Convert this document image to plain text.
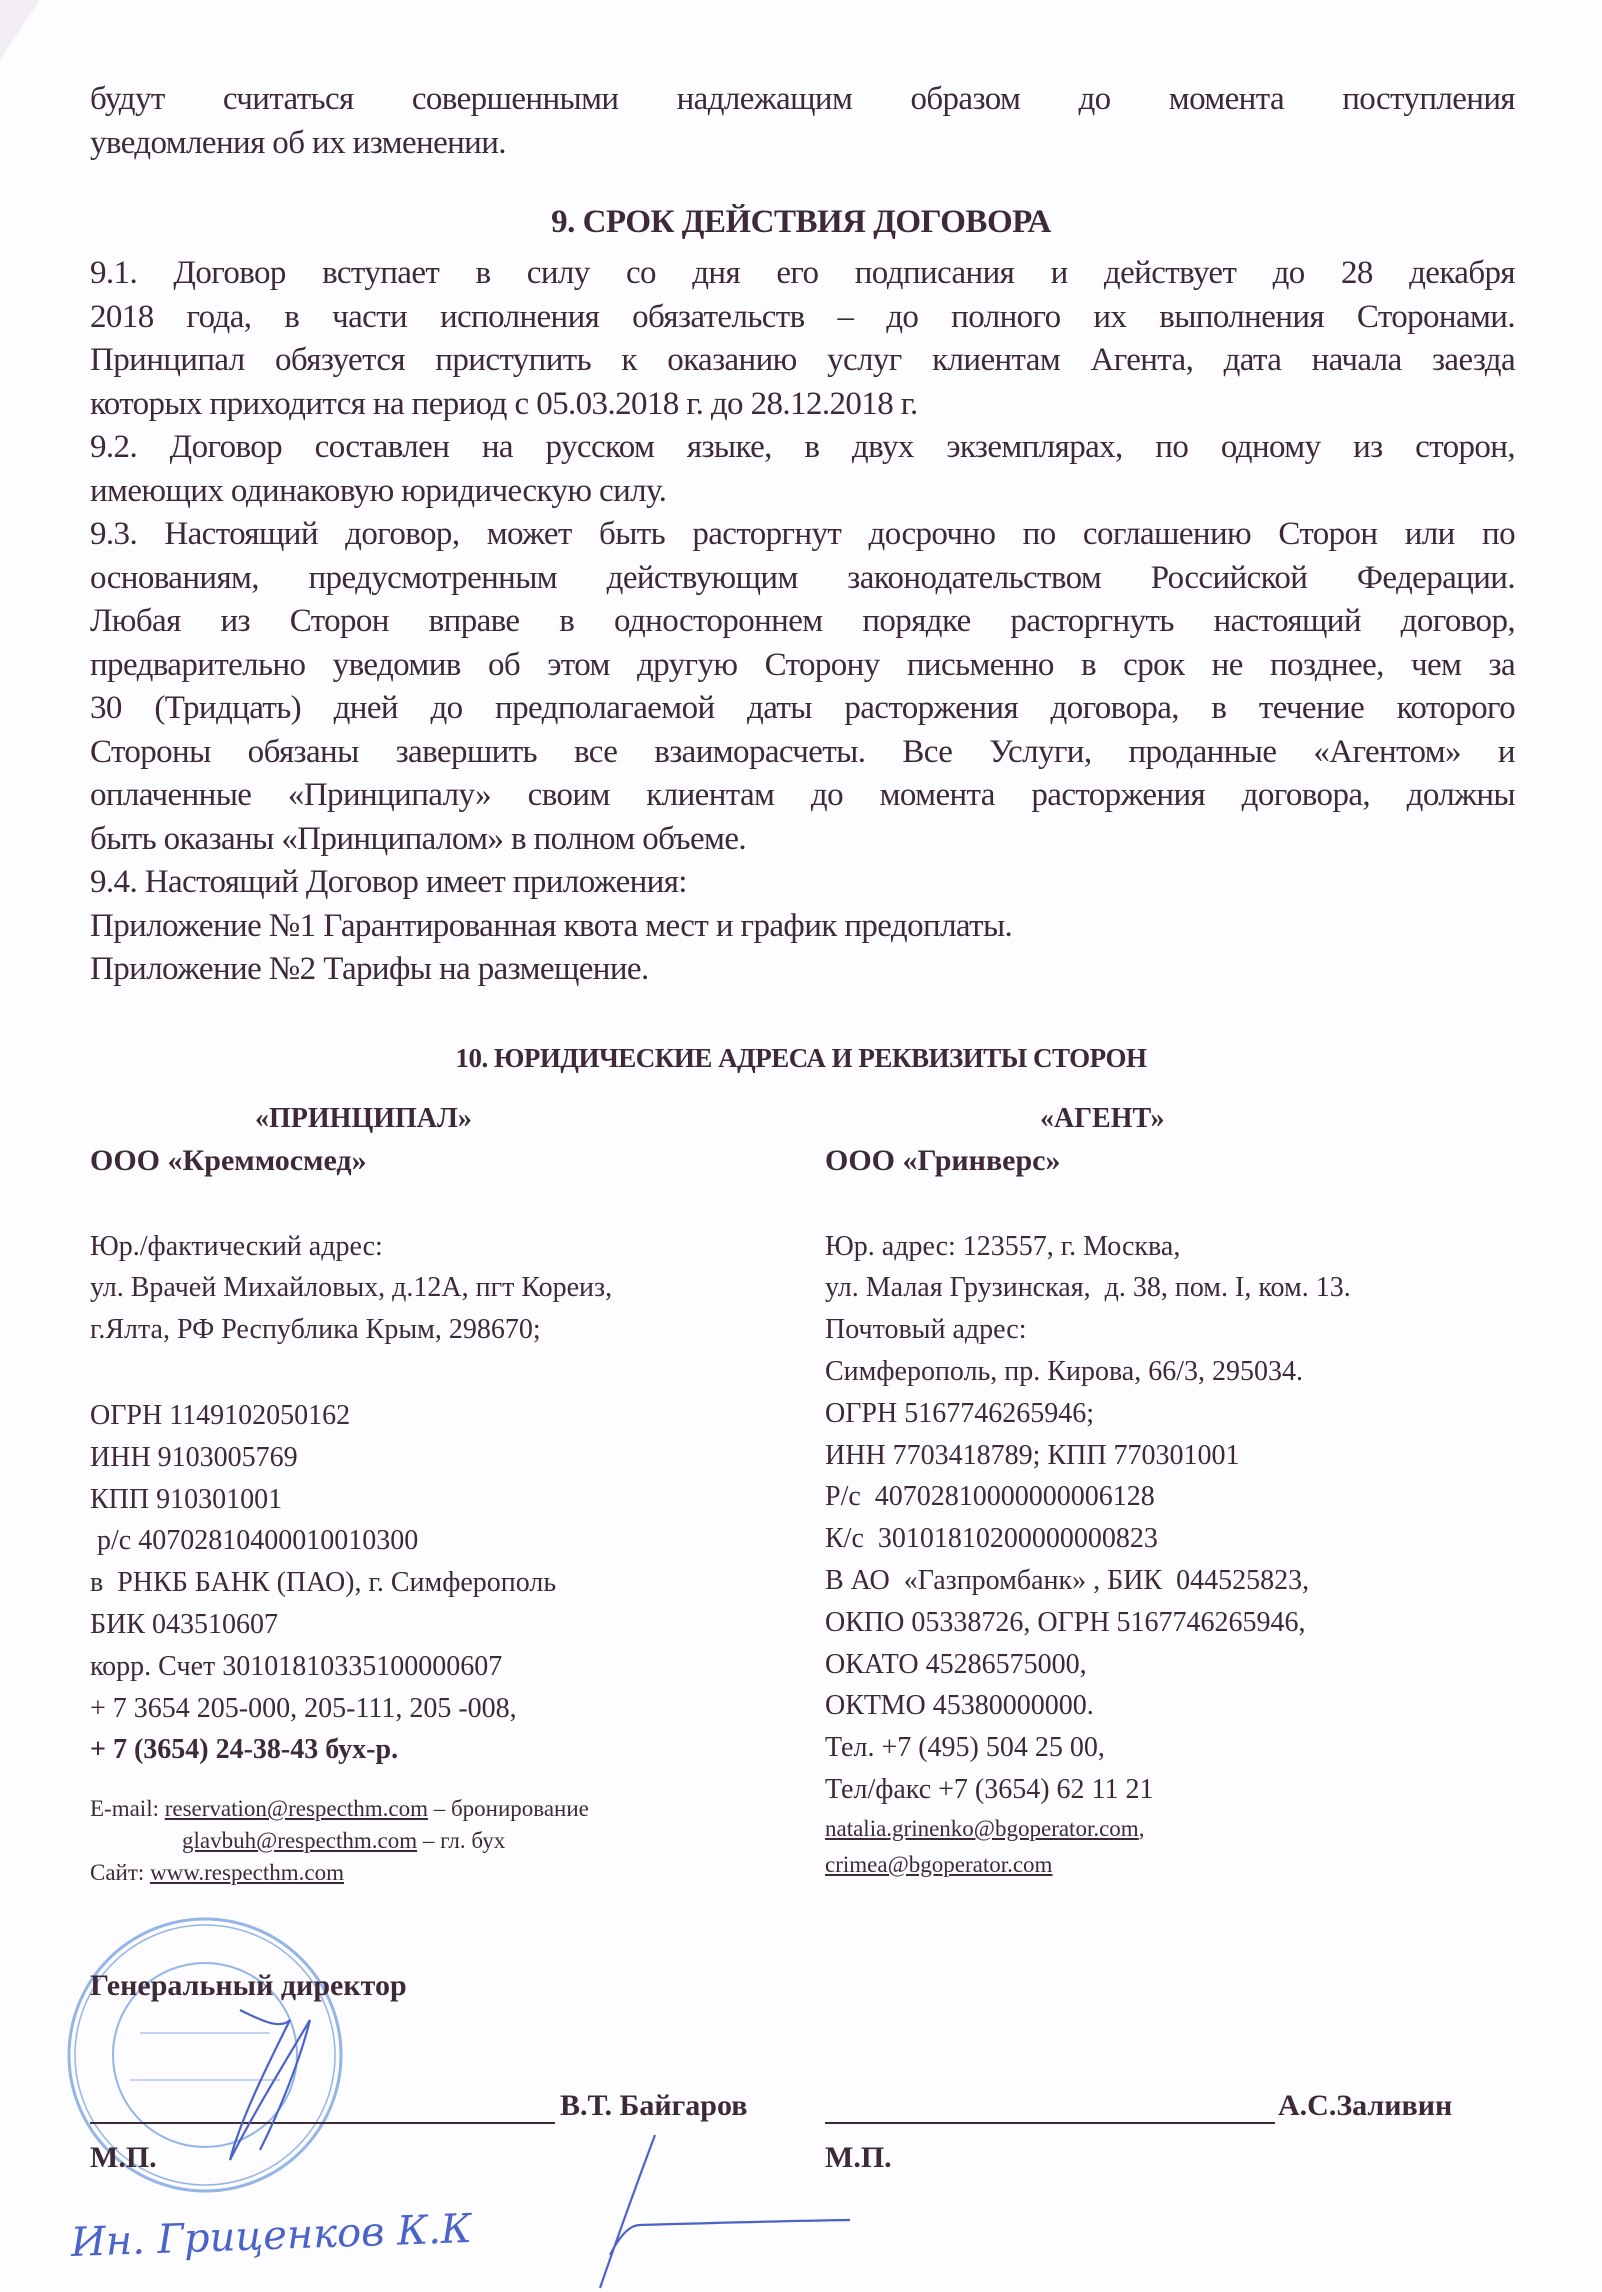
будут считаться совершенными надлежащим образом до момента поступления
уведомления об их изменении.
9. СРОК ДЕЙСТВИЯ ДОГОВОРА
9.1. Договор вступает в силу со дня его подписания и действует до 28 декабря
2018 года, в части исполнения обязательств – до полного их выполнения Сторонами.
Принципал обязуется приступить к оказанию услуг клиентам Агента, дата начала заезда
которых приходится на период с 05.03.2018 г. до 28.12.2018 г.
9.2. Договор составлен на русском языке, в двух экземплярах, по одному из сторон,
имеющих одинаковую юридическую силу.
9.3. Настоящий договор, может быть расторгнут досрочно по соглашению Сторон или по
основаниям, предусмотренным действующим законодательством Российской Федерации.
Любая из Сторон вправе в одностороннем порядке расторгнуть настоящий договор,
предварительно уведомив об этом другую Сторону письменно в срок не позднее, чем за
30 (Тридцать) дней до предполагаемой даты расторжения договора, в течение которого
Стороны обязаны завершить все взаиморасчеты. Все Услуги, проданные «Агентом» и
оплаченные «Принципалу» своим клиентам до момента расторжения договора, должны
быть оказаны «Принципалом» в полном объеме.
9.4. Настоящий Договор имеет приложения:
Приложение №1 Гарантированная квота мест и график предоплаты.
Приложение №2 Тарифы на размещение.
10. ЮРИДИЧЕСКИЕ АДРЕСА И РЕКВИЗИТЫ СТОРОН
«ПРИНЦИПАЛ»
ООО «Креммосмед»
Юр./фактический адрес:
ул. Врачей Михайловых, д.12А, пгт Кореиз,
г.Ялта, РФ Республика Крым, 298670;
ОГРН 1149102050162
ИНН 9103005769
КПП 910301001
р/с 40702810400010010300
в  РНКБ БАНК (ПАО), г. Симферополь
БИК 043510607
корр. Счет 30101810335100000607
+ 7 3654 205-000, 205-111, 205 -008,
+ 7 (3654) 24-38-43 бух-р.
E-mail: reservation@respecthm.com – бронирование
glavbuh@respecthm.com – гл. бух
Сайт: www.respecthm.com
«АГЕНТ»
ООО «Гринверс»
Юр. адрес: 123557, г. Москва,
ул. Малая Грузинская,  д. 38, пом. I, ком. 13.
Почтовый адрес:
Симферополь, пр. Кирова, 66/3, 295034.
ОГРН 5167746265946;
ИНН 7703418789; КПП 770301001
Р/с  40702810000000006128
К/с  30101810200000000823
В АО  «Газпромбанк» , БИК  044525823,
ОКПО 05338726, ОГРН 5167746265946,
ОКАТО 45286575000,
ОКТМО 45380000000.
Тел. +7 (495) 504 25 00,
Тел/факс +7 (3654) 62 11 21
natalia.grinenko@bgoperator.com,
crimea@bgoperator.com
Генеральный директор
В.Т. Байгаров
М.П.
А.С.Заливин
М.П.
Ин. Гриценков К.К
